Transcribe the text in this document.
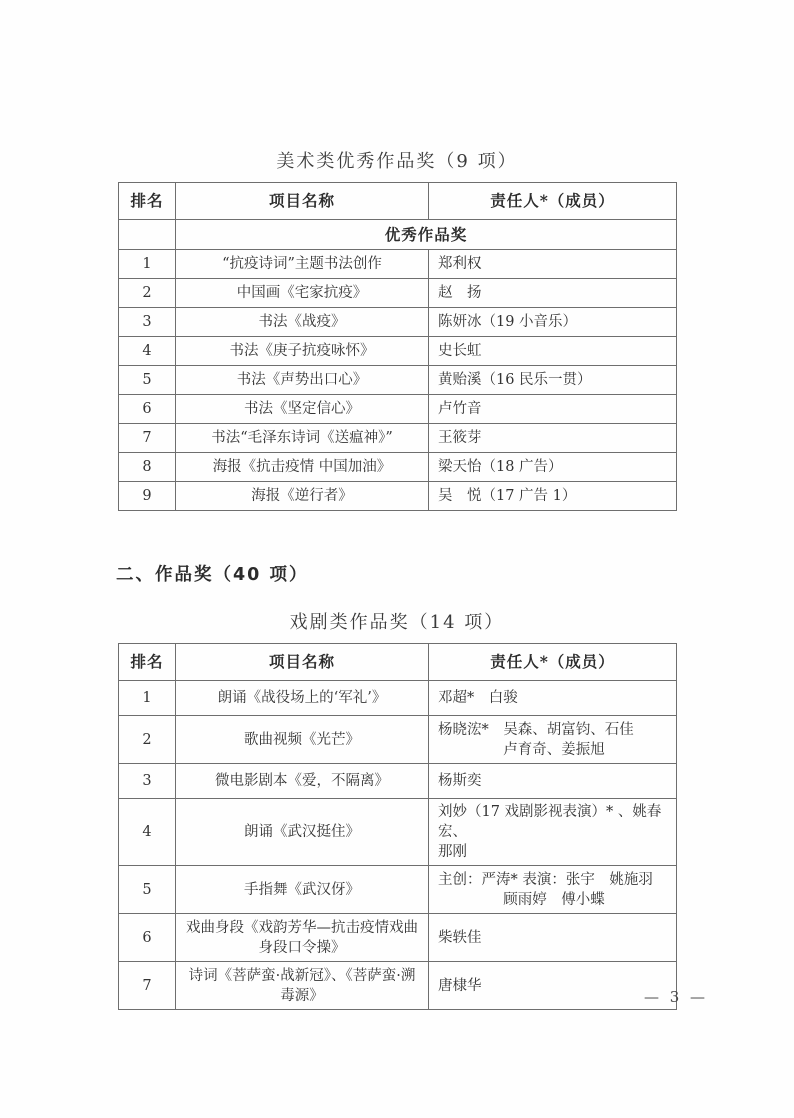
美术类优秀作品奖（9 项）
排名	项目名称	责任人*（成员）
	优秀作品奖	
1	“抗疫诗词”主题书法创作	郑利权
2	中国画《宅家抗疫》	赵　扬
3	书法《战疫》	陈妍冰（19 小音乐）
4	书法《庚子抗疫咏怀》	史长虹
5	书法《声势出口心》	黄贻溪（16 民乐一贯）
6	书法《坚定信心》	卢竹音
7	书法“毛泽东诗词《送瘟神》”	王筱芽
8	海报《抗击疫情 中国加油》	梁天怡（18 广告）
9	海报《逆行者》	吴　悦（17 广告 1）
二、作品奖（40 项）
戏剧类作品奖（14 项）
排名	项目名称	责任人*（成员）
1	朗诵《战役场上的‘军礼’》	邓超*　白骏
2	歌曲视频《光芒》	杨晓浤*　吴森、胡富钧、石佳
卢育奇、姜振旭

3	微电影剧本《爱，不隔离》	杨斯奕
4	朗诵《武汉挺住》	刘妙（17 戏剧影视表演）* 、姚春宏、
那刚

5	手指舞《武汉伢》	主创：严涛* 表演：张宇　姚施羽
顾雨婷　傅小蝶

6	戏曲身段《戏韵芳华—抗击疫情戏曲身段口令操》	柴轶佳
7	诗词《菩萨蛮·战新冠》、《菩萨蛮·溯毒源》	唐棣华
— 3 —
